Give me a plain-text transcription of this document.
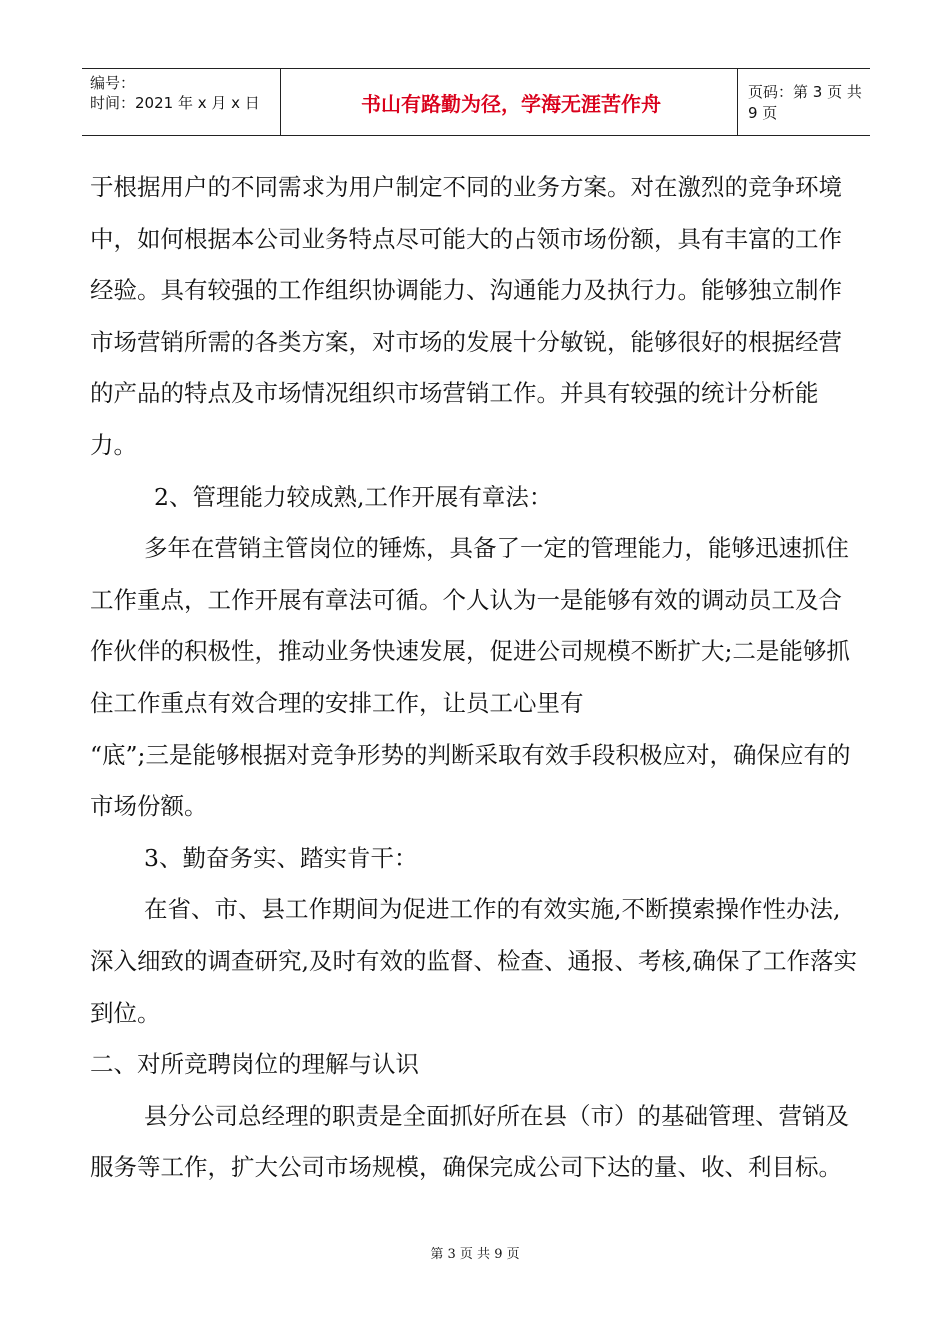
编号：
时间：2021 年 x 月 x 日	书山有路勤为径，学海无涯苦作舟	页码：第 3 页 共 9 页

于根据用户的不同需求为用户制定不同的业务方案。对在激烈的竞争环境中，如何根据本公司业务特点尽可能大的占领市场份额，具有丰富的工作经验。具有较强的工作组织协调能力、沟通能力及执行力。能够独立制作市场营销所需的各类方案，对市场的发展十分敏锐，能够很好的根据经营的产品的特点及市场情况组织市场营销工作。并具有较强的统计分析能力。

2、管理能力较成熟,工作开展有章法：

多年在营销主管岗位的锤炼，具备了一定的管理能力，能够迅速抓住工作重点，工作开展有章法可循。个人认为一是能够有效的调动员工及合作伙伴的积极性，推动业务快速发展，促进公司规模不断扩大;二是能够抓住工作重点有效合理的安排工作，让员工心里有

“底”;三是能够根据对竞争形势的判断采取有效手段积极应对，确保应有的市场份额。

3、勤奋务实、踏实肯干：

在省、市、县工作期间为促进工作的有效实施,不断摸索操作性办法,深入细致的调查研究,及时有效的监督、检查、通报、考核,确保了工作落实到位。

二、对所竞聘岗位的理解与认识

县分公司总经理的职责是全面抓好所在县（市）的基础管理、营销及服务等工作，扩大公司市场规模，确保完成公司下达的量、收、利目标。

第 3 页 共 9 页
